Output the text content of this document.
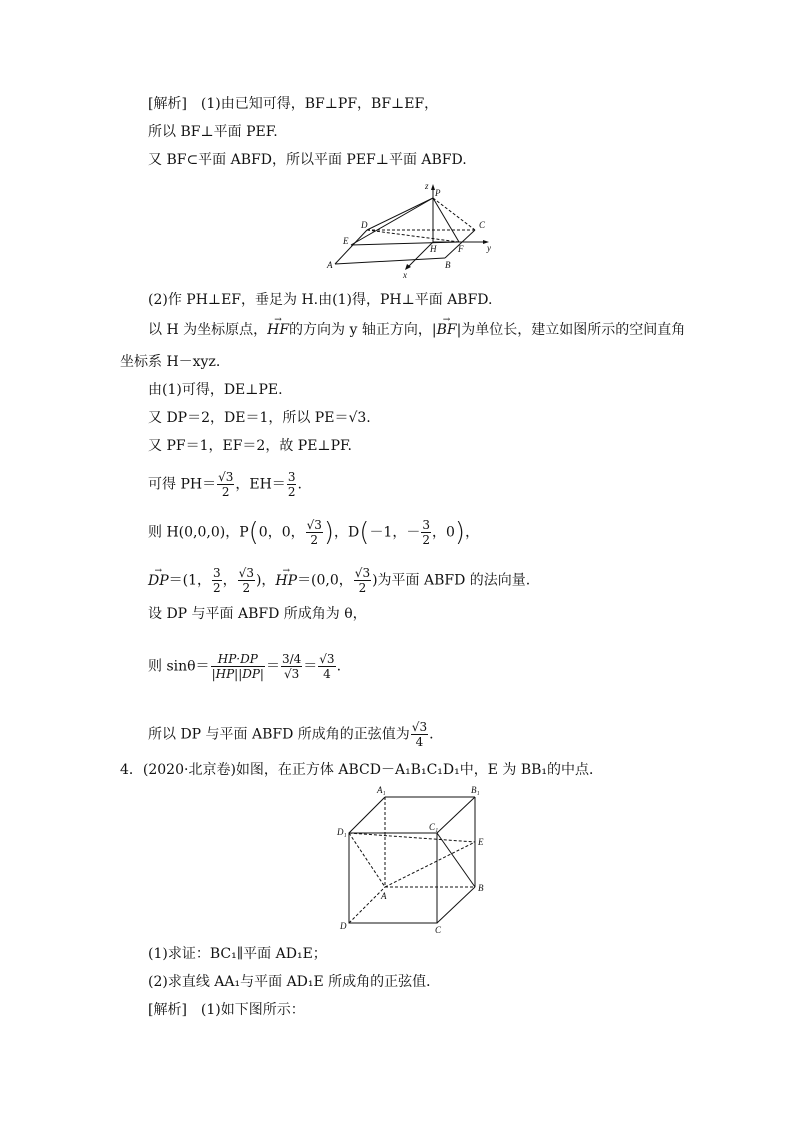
[解析]　(1)由已知可得，BF⊥PF，BF⊥EF，
所以 BF⊥平面 PEF.
又 BF⊂平面 ABFD，所以平面 PEF⊥平面 ABFD.
z
P
D	C
E
H F	y
A	B
x
(2)作 PH⊥EF，垂足为 H.由(1)得，PH⊥平面 ABFD.
以 H 为坐标原点，→ HF的方向为 y 轴正方向，|→ BF|为单位长，建立如图所示的空间直角
坐标系 H－xyz.
由(1)可得，DE⊥PE.
又 DP＝2，DE＝1，所以 PE＝√3.
又 PF＝1，EF＝2，故 PE⊥PF.
可得 $PH= \frac{√3}{2}$ ，$EH= \frac{3}{2}$ .
则 H(0,0,0)，P(0，0， $\frac{√3}{2}$ )，D(－1，－ $\frac{3}{2}$ ，0)，
→ DP＝(1， $\frac{3}{2}$ ， $\frac{√3}{2}$ )，→ HP＝(0,0， $\frac{√3}{2}$ )为平面 ABFD 的法向量.
设 DP 与平面 ABFD 所成角为 θ，
则 $\sin\theta= \frac{HP\cdot DP}{|HP||DP|} = \frac{3/4}{√3} = \frac{√3}{4}$ .
所以 DP 与平面 ABFD 所成角的正弦值为 $\frac{√3}{4}$ .
4．(2020·北京卷)如图，在正方体 ABCD－A₁B₁C₁D₁中，E 为 BB₁的中点．
A₁	B₁
D₁	C₁
E
A
B
D	C
(1)求证：BC₁∥平面 AD₁E；
(2)求直线 AA₁与平面 AD₁E 所成角的正弦值．
[解析]　(1)如下图所示：
